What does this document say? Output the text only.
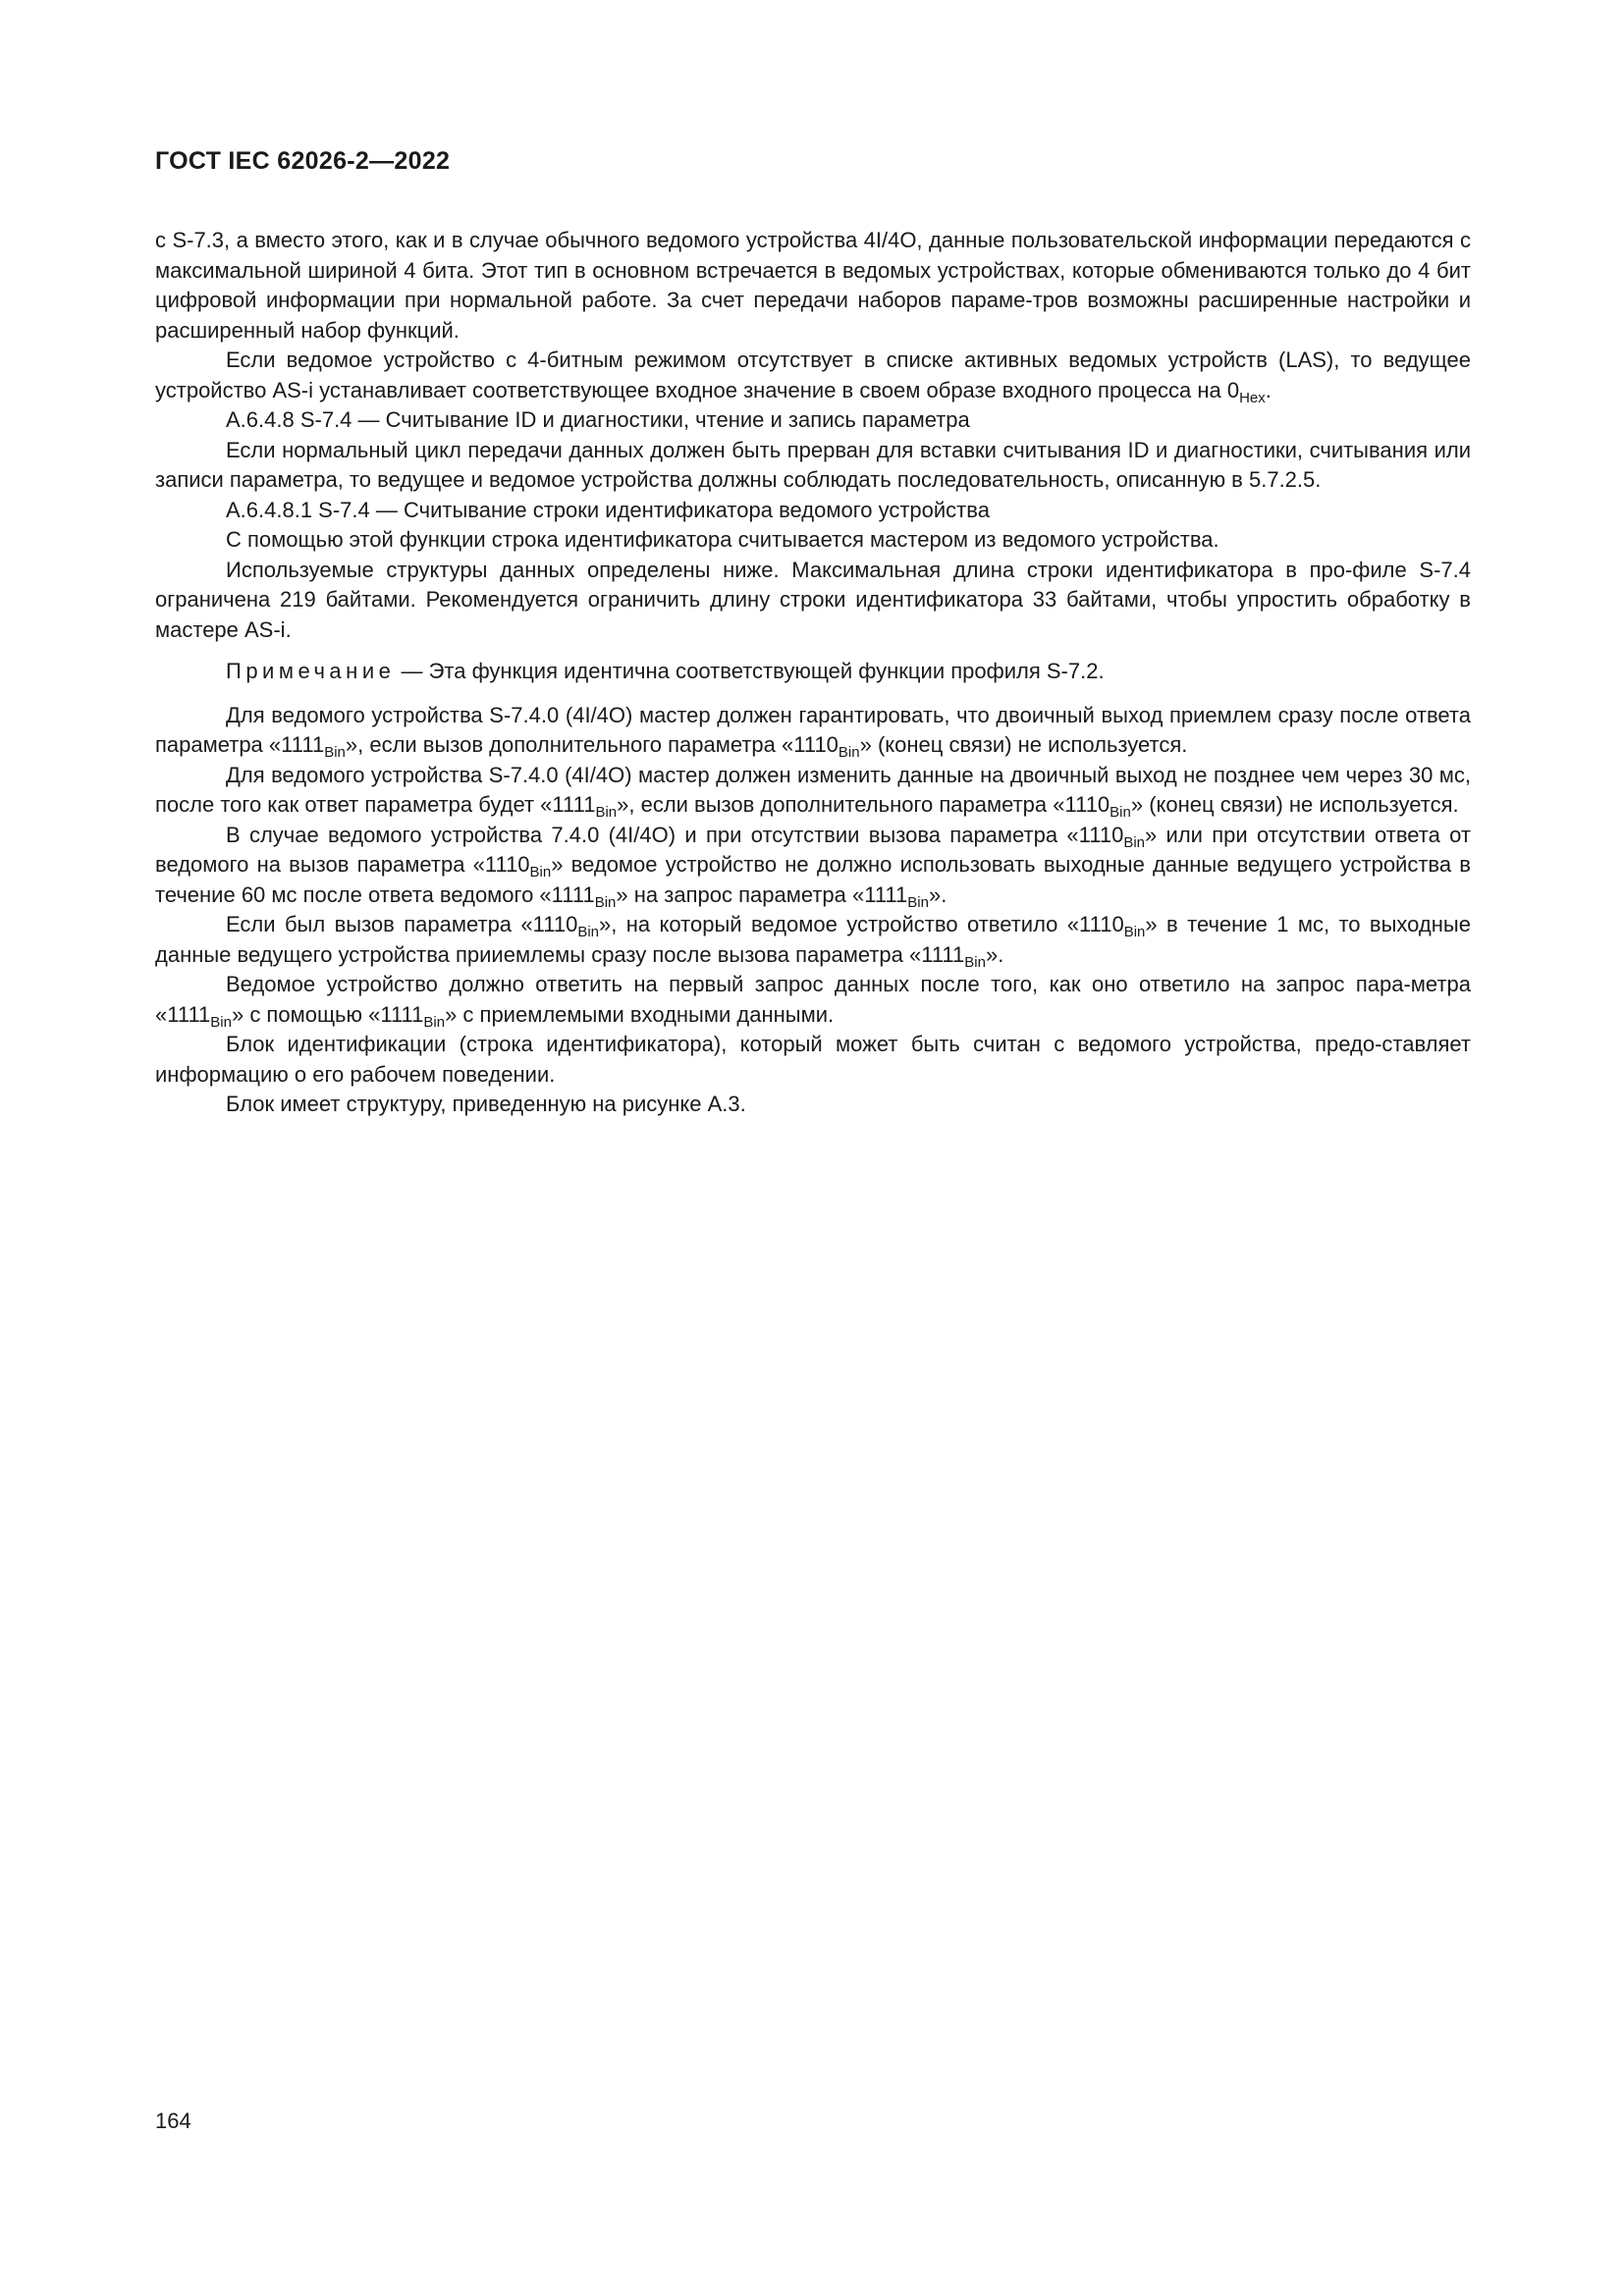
ГОСТ IEC 62026-2—2022

с S-7.3, а вместо этого, как и в случае обычного ведомого устройства 4I/4O, данные пользовательской информации передаются с максимальной шириной 4 бита. Этот тип в основном встречается в ведомых устройствах, которые обмениваются только до 4 бит цифровой информации при нормальной работе. За счет передачи наборов параме-тров возможны расширенные настройки и расширенный набор функций.

Если ведомое устройство с 4-битным режимом отсутствует в списке активных ведомых устройств (LAS), то ведущее устройство AS-i устанавливает соответствующее входное значение в своем образе входного процесса на $0_{Hex}$.

А.6.4.8 S-7.4 — Считывание ID и диагностики, чтение и запись параметра

Если нормальный цикл передачи данных должен быть прерван для вставки считывания ID и диагностики, считывания или записи параметра, то ведущее и ведомое устройства должны соблюдать последовательность, описанную в 5.7.2.5.

А.6.4.8.1 S-7.4 — Считывание строки идентификатора ведомого устройства

С помощью этой функции строка идентификатора считывается мастером из ведомого устройства.

Используемые структуры данных определены ниже. Максимальная длина строки идентификатора в про-филе S-7.4 ограничена 219 байтами. Рекомендуется ограничить длину строки идентификатора 33 байтами, чтобы упростить обработку в мастере AS-i.

Примечание — Эта функция идентична соответствующей функции профиля S-7.2.

Для ведомого устройства S-7.4.0 (4I/4O) мастер должен гарантировать, что двоичный выход приемлем сразу после ответа параметра «$1111_{Bin}$», если вызов дополнительного параметра «$1110_{Bin}$» (конец связи) не используется.

Для ведомого устройства S-7.4.0 (4I/4O) мастер должен изменить данные на двоичный выход не позднее чем через 30 мс, после того как ответ параметра будет «$1111_{Bin}$», если вызов дополнительного параметра «$1110_{Bin}$» (конец связи) не используется.

В случае ведомого устройства 7.4.0 (4I/4O) и при отсутствии вызова параметра «$1110_{Bin}$» или при отсутствии ответа от ведомого на вызов параметра «$1110_{Bin}$» ведомое устройство не должно использовать выходные данные ведущего устройства в течение 60 мс после ответа ведомого «$1111_{Bin}$» на запрос параметра «$1111_{Bin}$».

Если был вызов параметра «$1110_{Bin}$», на который ведомое устройство ответило «$1110_{Bin}$» в течение 1 мс, то выходные данные ведущего устройства прииемлемы сразу после вызова параметра «$1111_{Bin}$».

Ведомое устройство должно ответить на первый запрос данных после того, как оно ответило на запрос пара-метра «$1111_{Bin}$» с помощью «$1111_{Bin}$» с приемлемыми входными данными.

Блок идентификации (строка идентификатора), который может быть считан с ведомого устройства, предо-ставляет информацию о его рабочем поведении.

Блок имеет структуру, приведенную на рисунке А.3.

164
